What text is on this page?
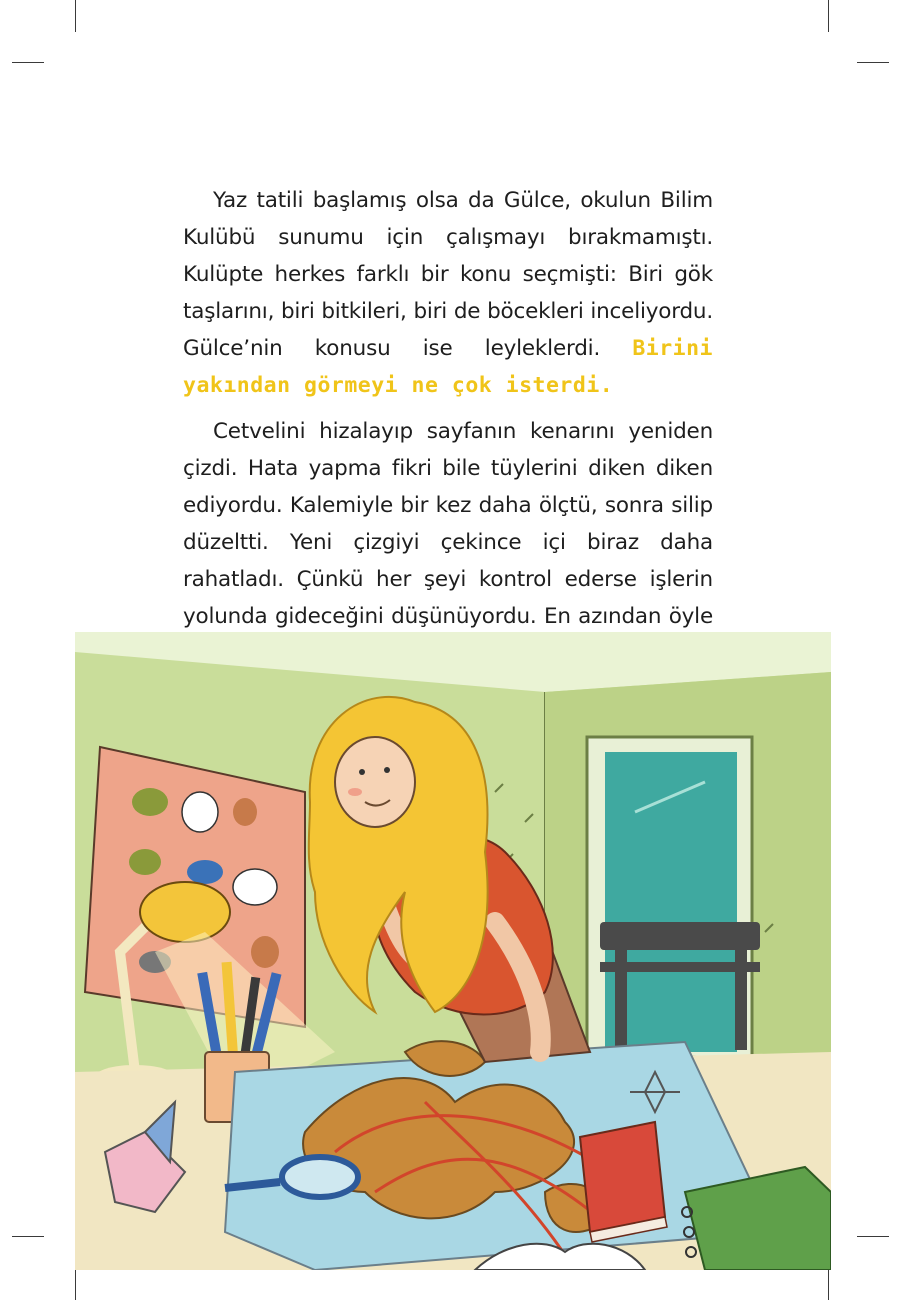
Yaz tatili başlamış olsa da Gülce, okulun Bilim Kulübü sunumu için çalışmayı bırakmamıştı. Kulüpte herkes farklı bir konu seçmişti: Biri gök taşlarını, biri bitkileri, biri de böcekleri inceliyordu. Gülce’nin konusu ise leyleklerdi. Birini yakından görmeyi ne çok isterdi.

Cetvelini hizalayıp sayfanın kenarını yeniden çizdi. Hata yapma fikri bile tüylerini diken diken ediyordu. Kalemiyle bir kez daha ölçtü, sonra silip düzeltti. Yeni çizgiyi çekince içi biraz daha rahatladı. Çünkü her şeyi kontrol ederse işlerin yolunda gideceğini düşünüyordu. En azından öyle
